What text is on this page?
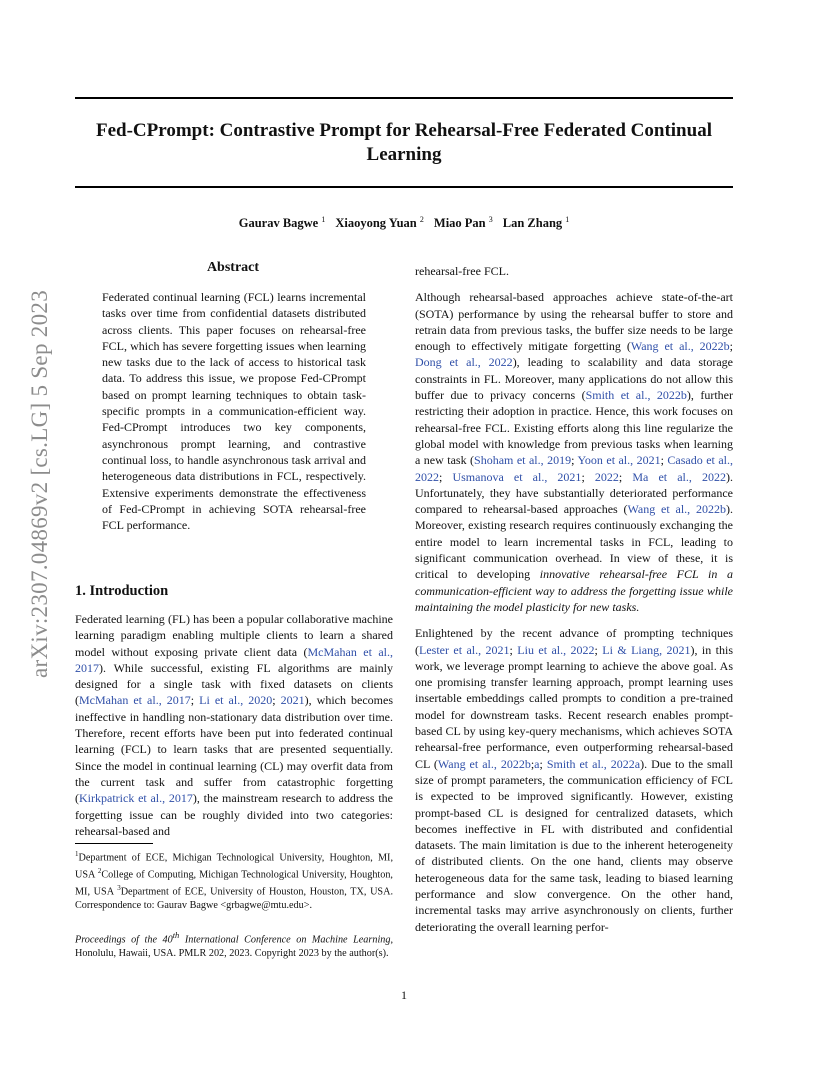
Fed-CPrompt: Contrastive Prompt for Rehearsal-Free Federated Continual Learning
Gaurav Bagwe $^1$ Xiaoyong Yuan $^2$ Miao Pan $^3$ Lan Zhang $^1$
arXiv:2307.04869v2 [cs.LG] 5 Sep 2023
Abstract
Federated continual learning (FCL) learns incremental tasks over time from confidential datasets distributed across clients. This paper focuses on rehearsal-free FCL, which has severe forgetting issues when learning new tasks due to the lack of access to historical task data. To address this issue, we propose Fed-CPrompt based on prompt learning techniques to obtain task-specific prompts in a communication-efficient way. Fed-CPrompt introduces two key components, asynchronous prompt learning, and contrastive continual loss, to handle asynchronous task arrival and heterogeneous data distributions in FCL, respectively. Extensive experiments demonstrate the effectiveness of Fed-CPrompt in achieving SOTA rehearsal-free FCL performance.
1. Introduction

Federated learning (FL) has been a popular collaborative machine learning paradigm enabling multiple clients to learn a shared model without exposing private client data (McMahan et al., 2017). While successful, existing FL algorithms are mainly designed for a single task with fixed datasets on clients (McMahan et al., 2017; Li et al., 2020; 2021), which becomes ineffective in handling non-stationary data distribution over time. Therefore, recent efforts have been put into federated continual learning (FCL) to learn tasks that are presented sequentially. Since the model in continual learning (CL) may overfit data from the current task and suffer from catastrophic forgetting (Kirkpatrick et al., 2017), the mainstream research to address the forgetting issue can be roughly divided into two categories: rehearsal-based and

rehearsal-free FCL.

Although rehearsal-based approaches achieve state-of-the-art (SOTA) performance by using the rehearsal buffer to store and retrain data from previous tasks, the buffer size needs to be large enough to effectively mitigate forgetting (Wang et al., 2022b; Dong et al., 2022), leading to scalability and data storage constraints in FL. Moreover, many applications do not allow this buffer due to privacy concerns (Smith et al., 2022b), further restricting their adoption in practice. Hence, this work focuses on rehearsal-free FCL. Existing efforts along this line regularize the global model with knowledge from previous tasks when learning a new task (Shoham et al., 2019; Yoon et al., 2021; Casado et al., 2022; Usmanova et al., 2021; 2022; Ma et al., 2022). Unfortunately, they have substantially deteriorated performance compared to rehearsal-based approaches (Wang et al., 2022b). Moreover, existing research requires continuously exchanging the entire model to learn incremental tasks in FCL, leading to significant communication overhead. In view of these, it is critical to developing innovative rehearsal-free FCL in a communication-efficient way to address the forgetting issue while maintaining the model plasticity for new tasks.

Enlightened by the recent advance of prompting techniques (Lester et al., 2021; Liu et al., 2022; Li & Liang, 2021), in this work, we leverage prompt learning to achieve the above goal. As one promising transfer learning approach, prompt learning uses insertable embeddings called prompts to condition a pre-trained model for downstream tasks. Recent research enables prompt-based CL by using key-query mechanisms, which achieves SOTA rehearsal-free performance, even outperforming rehearsal-based CL (Wang et al., 2022b;a; Smith et al., 2022a). Due to the small size of prompt parameters, the communication efficiency of FCL is expected to be improved significantly. However, existing prompt-based CL is designed for centralized datasets, which becomes ineffective in FL with distributed and confidential datasets. The main limitation is due to the inherent heterogeneity of distributed clients. On the one hand, clients may observe heterogeneous data for the same task, leading to biased learning performance and slow convergence. On the other hand, incremental tasks may arrive asynchronously on clients, further deteriorating the overall learning perfor-

$^1$Department of ECE, Michigan Technological University, Houghton, MI, USA $^2$College of Computing, Michigan Technological University, Houghton, MI, USA $^3$Department of ECE, University of Houston, Houston, TX, USA. Correspondence to: Gaurav Bagwe <grbagwe@mtu.edu>.
Proceedings of the 40th International Conference on Machine Learning, Honolulu, Hawaii, USA. PMLR 202, 2023. Copyright 2023 by the author(s).
1
